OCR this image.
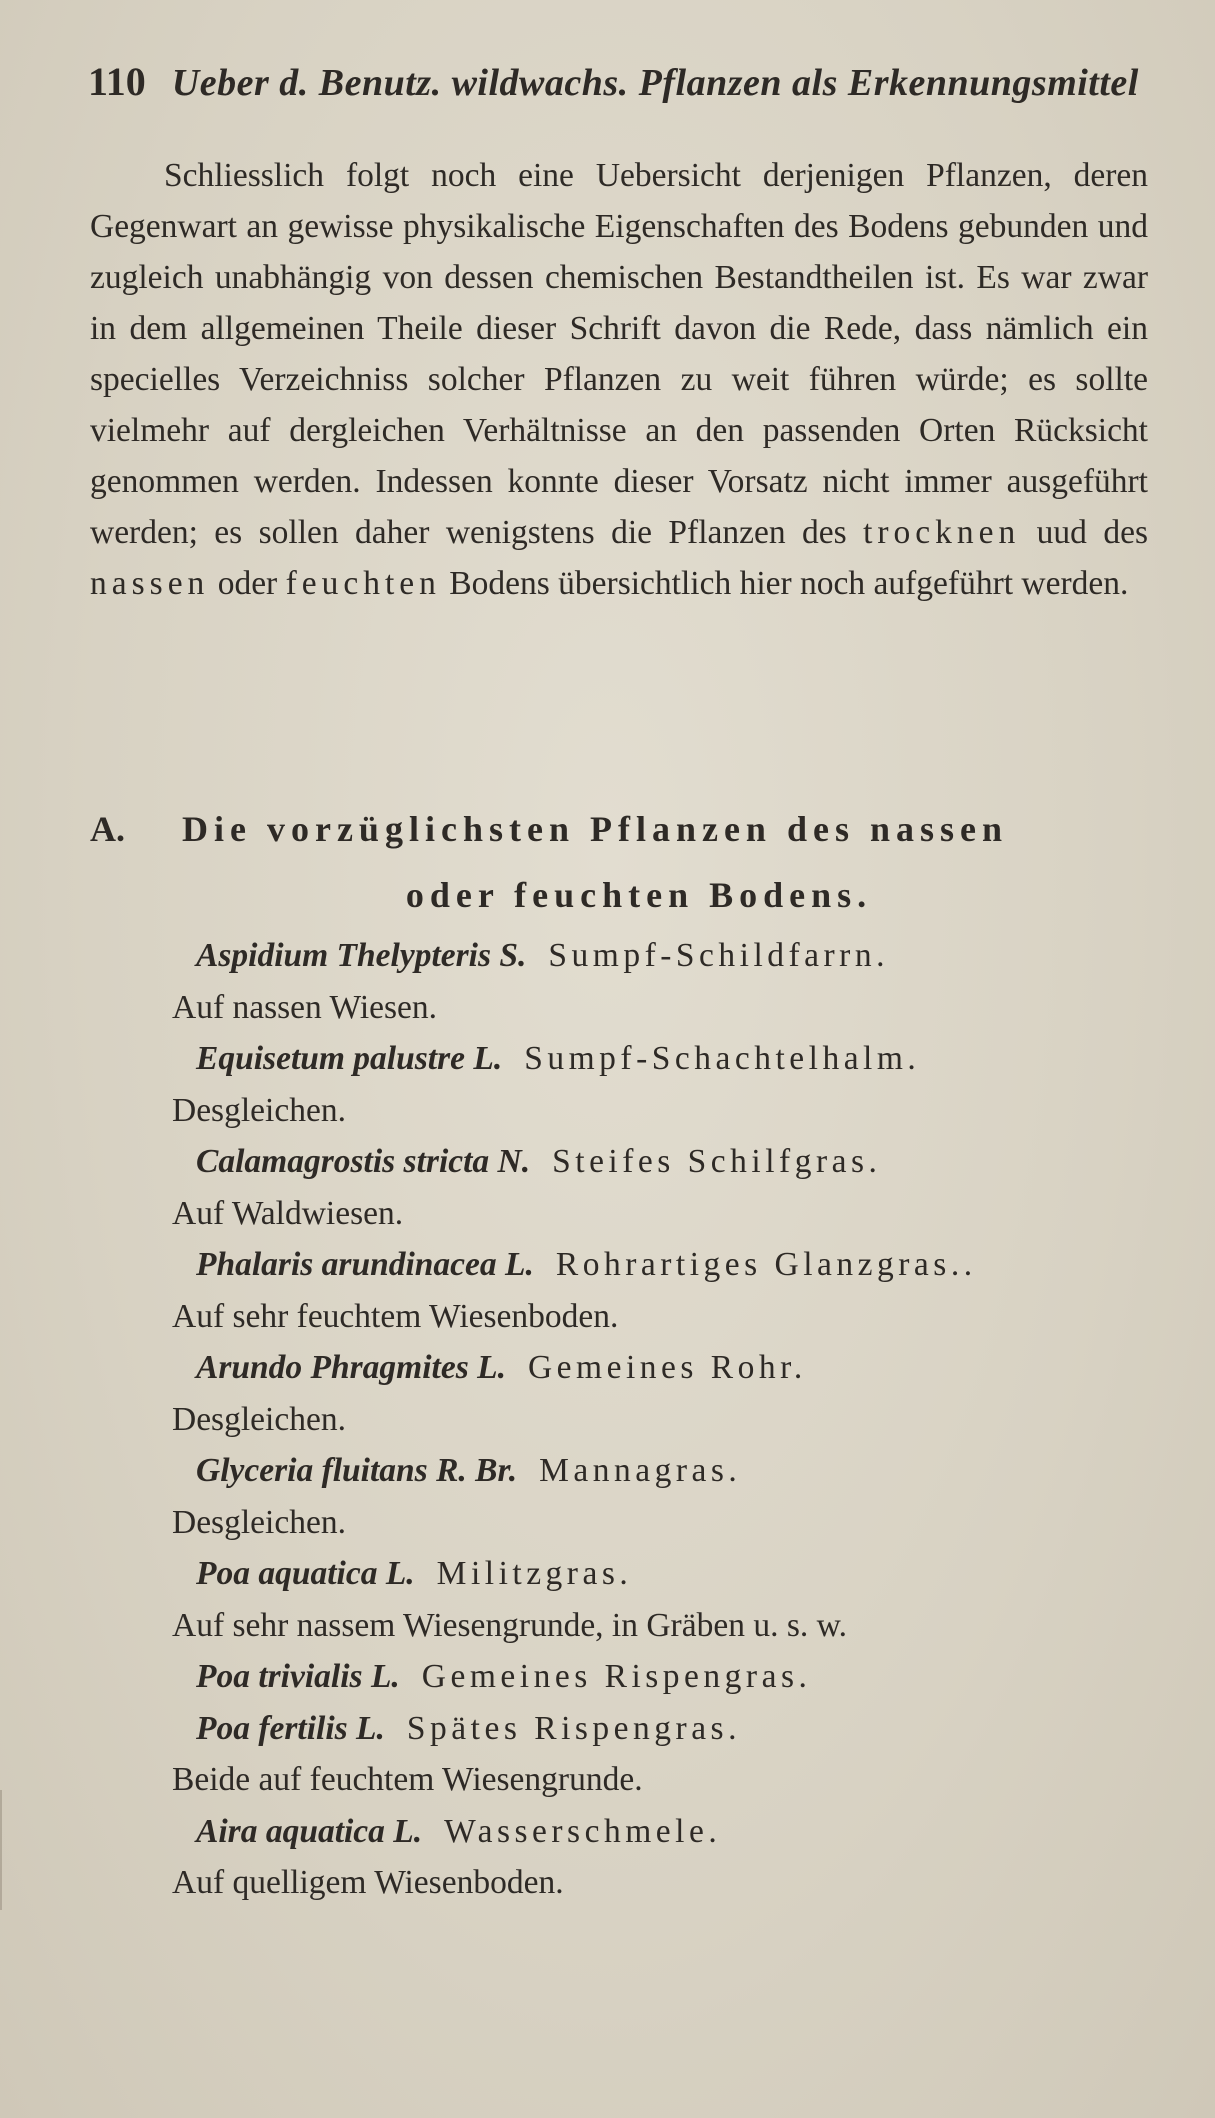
110 Ueber d. Benutz. wildwachs. Pflanzen als Erkennungsmittel

Schliesslich folgt noch eine Uebersicht derjenigen Pflanzen, deren Gegenwart an gewisse physikalische Eigenschaften des Bodens gebunden und zugleich unabhängig von dessen chemischen Bestandtheilen ist. Es war zwar in dem allgemeinen Theile dieser Schrift davon die Rede, dass nämlich ein specielles Verzeichniss solcher Pflanzen zu weit führen würde; es sollte vielmehr auf dergleichen Verhältnisse an den passenden Orten Rücksicht genommen werden. Indessen konnte dieser Vorsatz nicht immer ausgeführt werden; es sollen daher wenigstens die Pflanzen des trocknen uud des nassen oder feuchten Bodens übersichtlich hier noch aufgeführt werden.

A.	Die vorzüglichsten Pflanzen des nassen
oder feuchten Bodens.
Aspidium Thelypteris S. Sumpf-Schildfarrn.
Auf nassen Wiesen.
Equisetum palustre L. Sumpf-Schachtelhalm.
Desgleichen.
Calamagrostis stricta N. Steifes Schilfgras.
Auf Waldwiesen.
Phalaris arundinacea L. Rohrartiges Glanzgras..
Auf sehr feuchtem Wiesenboden.
Arundo Phragmites L. Gemeines Rohr.
Desgleichen.
Glyceria fluitans R. Br. Mannagras.
Desgleichen.
Poa aquatica L. Militzgras.
Auf sehr nassem Wiesengrunde, in Gräben u. s. w.
Poa trivialis L. Gemeines Rispengras.
Poa fertilis L. Spätes Rispengras.
Beide auf feuchtem Wiesengrunde.
Aira aquatica L. Wasserschmele.
Auf quelligem Wiesenboden.
